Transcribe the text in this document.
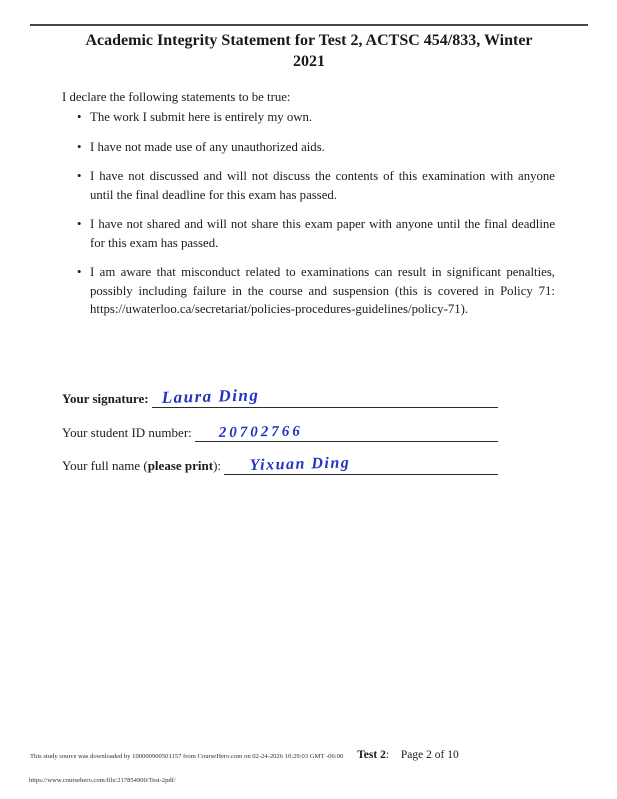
Academic Integrity Statement for Test 2, ACTSC 454/833, Winter
2021
I declare the following statements to be true:
• The work I submit here is entirely my own.
• I have not made use of any unauthorized aids.
• I have not discussed and will not discuss the contents of this examination with anyone until the final deadline for this exam has passed.
• I have not shared and will not share this exam paper with anyone until the final deadline for this exam has passed.
• I am aware that misconduct related to examinations can result in significant penalties, possibly including failure in the course and suspension (this is covered in Policy 71: https://uwaterloo.ca/secretariat/policies-procedures-guidelines/policy-71).
Your signature: Laura Ding
Your student ID number: 20702766
Your full name (please print): Yixuan Ding
This study source was downloaded by 100000900501157 from CourseHero.com on 02-24-2026 10:29:03 GMT -06:00 Test 2: Page 2 of 10
https://www.coursehero.com/file/217854900/Test-2pdf/
